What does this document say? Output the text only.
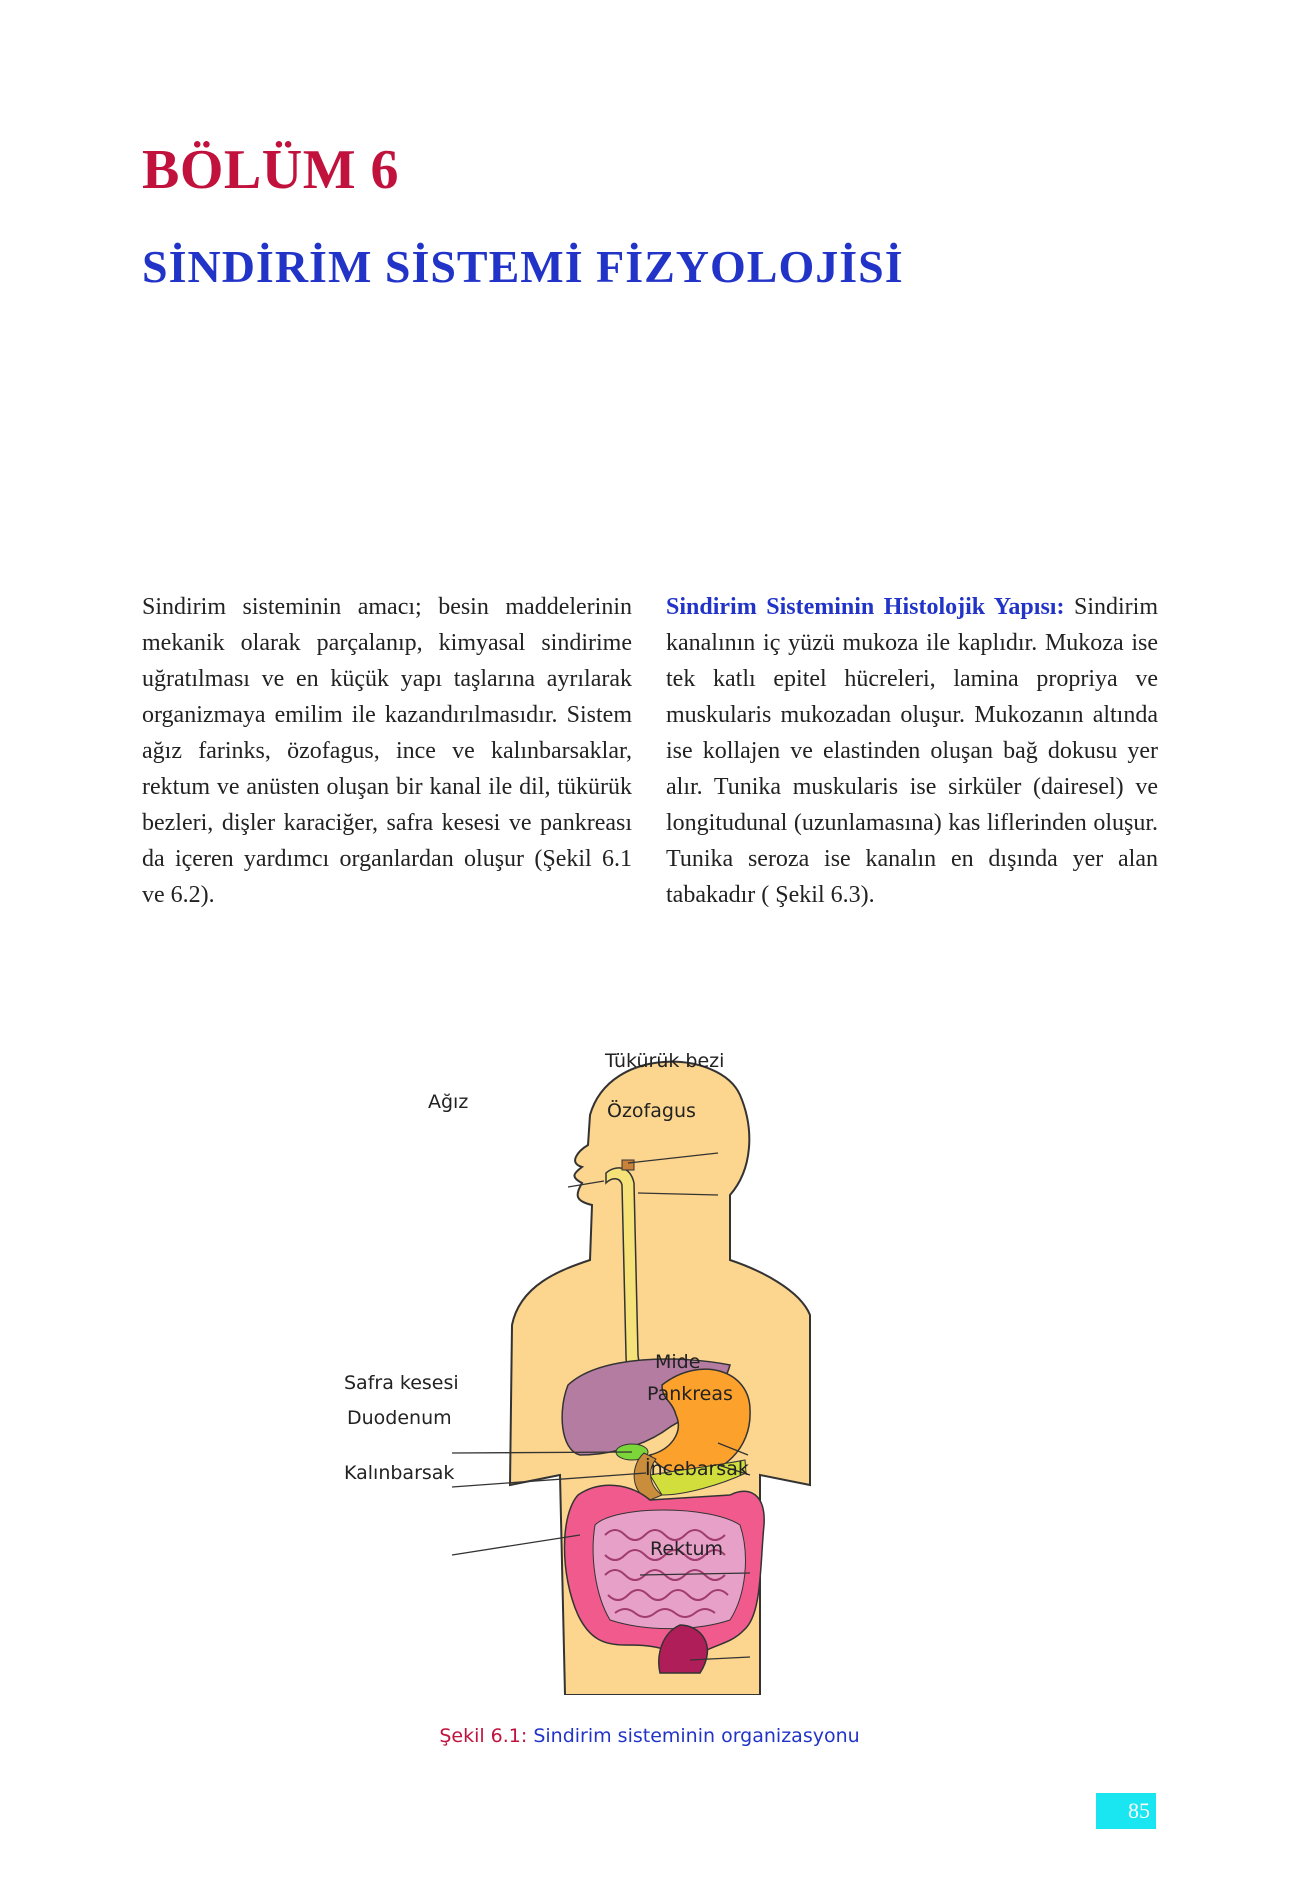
BÖLÜM 6
SİNDİRİM SİSTEMİ FİZYOLOJİSİ

Sindirim sisteminin amacı; besin maddelerinin mekanik olarak parçalanıp, kimyasal sindirime uğratılması ve en küçük yapı taşlarına ayrılarak organizmaya emilim ile kazandırılmasıdır. Sistem ağız farinks, özofagus, ince ve kalınbarsaklar, rektum ve anüsten oluşan bir kanal ile dil, tükürük bezleri, dişler karaciğer, safra kesesi ve pankreası da içeren yardımcı organlardan oluşur (Şekil 6.1 ve 6.2).

Sindirim Sisteminin Histolojik Yapısı: Sindirim kanalının iç yüzü mukoza ile kaplıdır. Mukoza ise tek katlı epitel hücreleri, lamina propriya ve muskularis mukozadan oluşur. Mukozanın altında ise kollajen ve elastinden oluşan bağ dokusu yer alır. Tunika muskularis ise sirküler (dairesel) ve longitudunal (uzunlamasına) kas liflerinden oluşur. Tunika seroza ise kanalın en dışında yer alan tabakadır ( Şekil 6.3).

Tükürük bezi
Ağız	Özofagus
Mide
Safra kesesi	Pankreas
Duodenum
Kalınbarsak	İncebarsak
Rektum
Şekil 6.1: Sindirim sisteminin organizasyonu
85
